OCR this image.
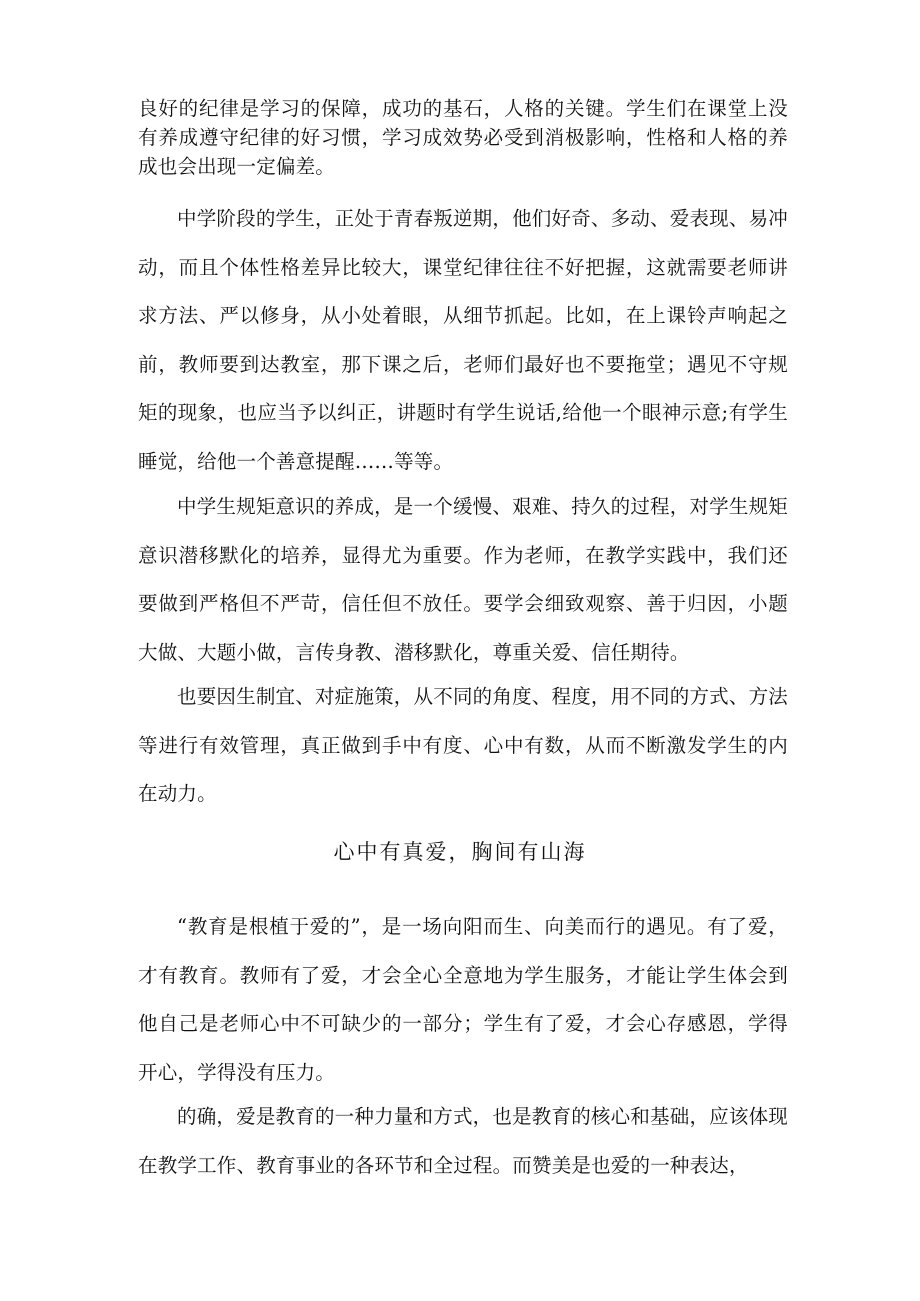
良好的纪律是学习的保障，成功的基石，人格的关键。学生们在课堂上没有养成遵守纪律的好习惯，学习成效势必受到消极影响，性格和人格的养成也会出现一定偏差。

中学阶段的学生，正处于青春叛逆期，他们好奇、多动、爱表现、易冲动，而且个体性格差异比较大，课堂纪律往往不好把握，这就需要老师讲求方法、严以修身，从小处着眼，从细节抓起。比如，在上课铃声响起之前，教师要到达教室，那下课之后，老师们最好也不要拖堂；遇见不守规矩的现象，也应当予以纠正，讲题时有学生说话,给他一个眼神示意;有学生睡觉，给他一个善意提醒……等等。

中学生规矩意识的养成，是一个缓慢、艰难、持久的过程，对学生规矩意识潜移默化的培养，显得尤为重要。作为老师，在教学实践中，我们还要做到严格但不严苛，信任但不放任。要学会细致观察、善于归因，小题大做、大题小做，言传身教、潜移默化，尊重关爱、信任期待。

也要因生制宜、对症施策，从不同的角度、程度，用不同的方式、方法等进行有效管理，真正做到手中有度、心中有数，从而不断激发学生的内在动力。

心中有真爱，胸间有山海

“教育是根植于爱的”，是一场向阳而生、向美而行的遇见。有了爱，才有教育。教师有了爱，才会全心全意地为学生服务，才能让学生体会到他自己是老师心中不可缺少的一部分；学生有了爱，才会心存感恩，学得开心，学得没有压力。

的确，爱是教育的一种力量和方式，也是教育的核心和基础，应该体现在教学工作、教育事业的各环节和全过程。而赞美是也爱的一种表达，
